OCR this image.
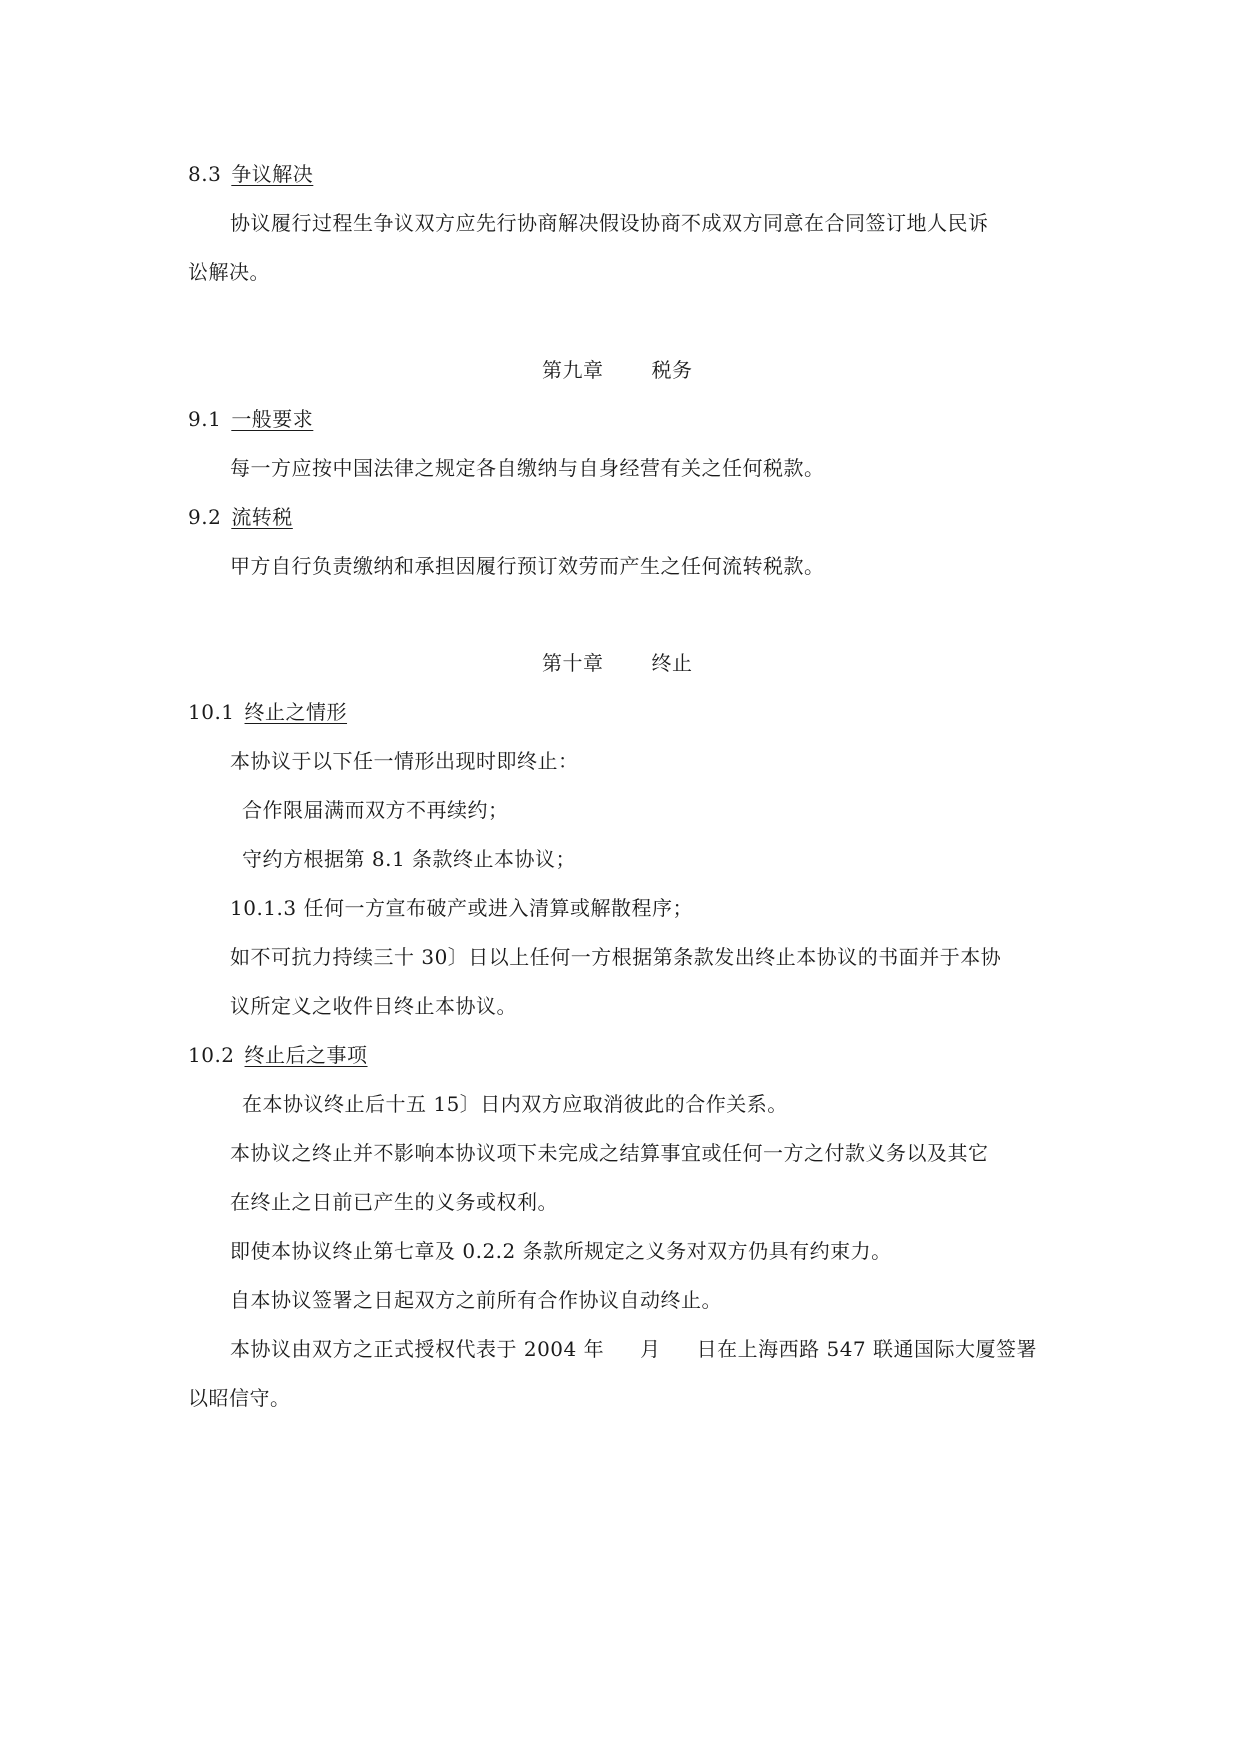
8.3 争议解决
协议履行过程生争议双方应先行协商解决假设协商不成双方同意在合同签订地人民诉
讼解决。
第九章 税务
9.1 一般要求
每一方应按中国法律之规定各自缴纳与自身经营有关之任何税款。
9.2 流转税
甲方自行负责缴纳和承担因履行预订效劳而产生之任何流转税款。
第十章 终止
10.1 终止之情形
本协议于以下任一情形出现时即终止：
合作限届满而双方不再续约；
守约方根据第 8.1 条款终止本协议；
10.1.3 任何一方宣布破产或进入清算或解散程序；
如不可抗力持续三十 30〕日以上任何一方根据第条款发出终止本协议的书面并于本协
议所定义之收件日终止本协议。
10.2 终止后之事项
在本协议终止后十五 15〕日内双方应取消彼此的合作关系。
本协议之终止并不影响本协议项下未完成之结算事宜或任何一方之付款义务以及其它
在终止之日前已产生的义务或权利。
即使本协议终止第七章及 0.2.2 条款所规定之义务对双方仍具有约束力。
自本协议签署之日起双方之前所有合作协议自动终止。
本协议由双方之正式授权代表于 2004 年 月 日在上海西路 547 联通国际大厦签署
以昭信守。
